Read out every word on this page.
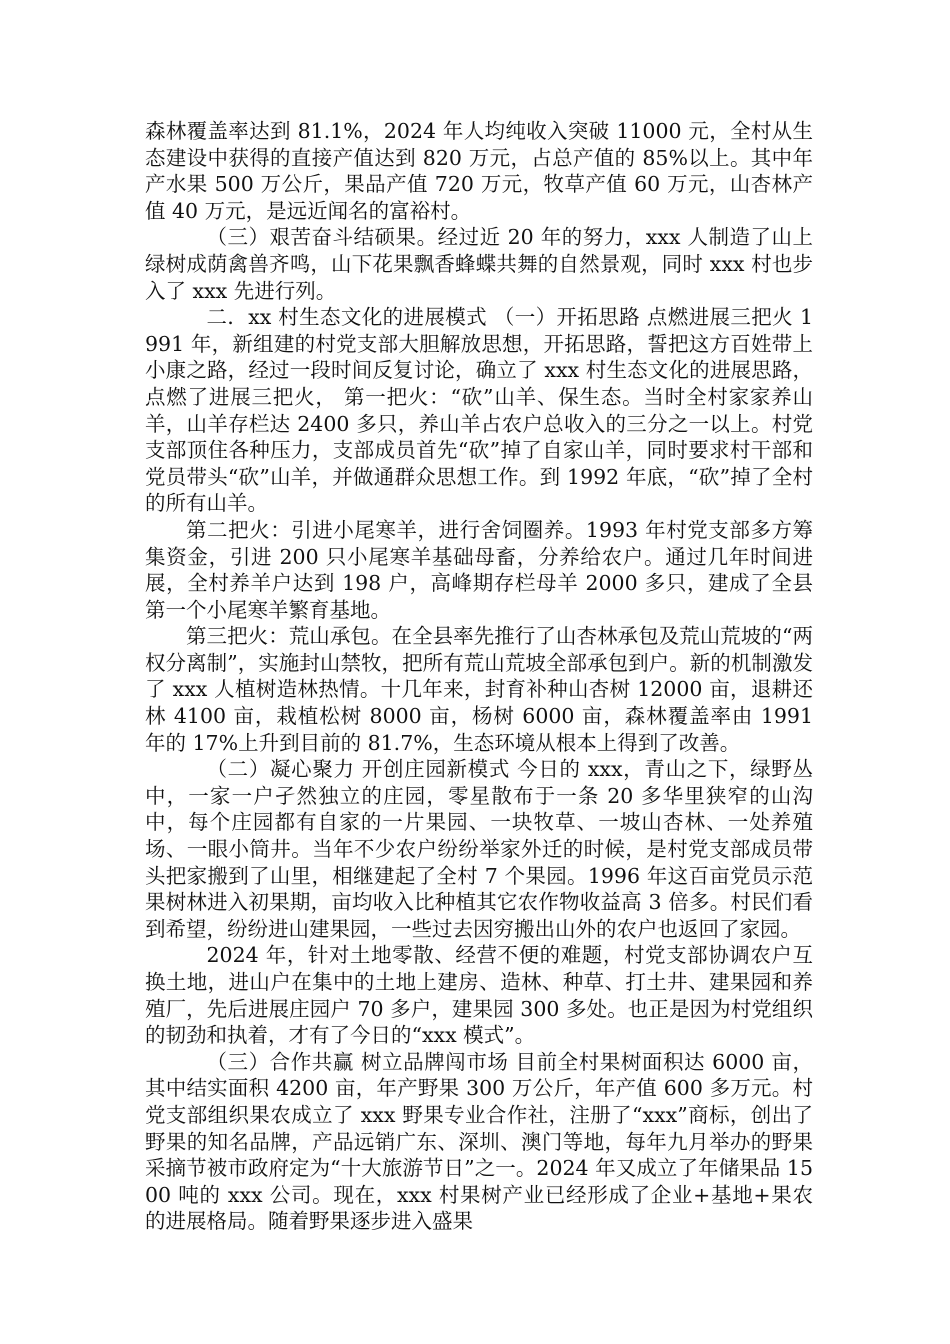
森林覆盖率达到 81.1%，2024 年人均纯收入突破 11000 元，全村从生态建设中获得的直接产值达到 820 万元，占总产值的 85%以上。其中年产水果 500 万公斤，果品产值 720 万元，牧草产值 60 万元，山杏林产值 40 万元，是远近闻名的富裕村。

（三）艰苦奋斗结硕果。经过近 20 年的努力，xxx 人制造了山上绿树成荫禽兽齐鸣，山下花果飘香蜂蝶共舞的自然景观，同时 xxx 村也步入了 xxx 先进行列。

二．xx 村生态文化的进展模式 （一）开拓思路 点燃进展三把火 1991 年，新组建的村党支部大胆解放思想，开拓思路，誓把这方百姓带上小康之路，经过一段时间反复讨论，确立了 xxx 村生态文化的进展思路，点燃了进展三把火， 第一把火：“砍”山羊、保生态。当时全村家家养山羊，山羊存栏达 2400 多只，养山羊占农户总收入的三分之一以上。村党支部顶住各种压力，支部成员首先“砍”掉了自家山羊，同时要求村干部和党员带头“砍”山羊，并做通群众思想工作。到 1992 年底，“砍”掉了全村的所有山羊。

第二把火：引进小尾寒羊，进行舍饲圈养。1993 年村党支部多方筹集资金，引进 200 只小尾寒羊基础母畜，分养给农户。通过几年时间进展，全村养羊户达到 198 户，高峰期存栏母羊 2000 多只，建成了全县第一个小尾寒羊繁育基地。

第三把火：荒山承包。在全县率先推行了山杏林承包及荒山荒坡的“两权分离制”，实施封山禁牧，把所有荒山荒坡全部承包到户。新的机制激发了 xxx 人植树造林热情。十几年来，封育补种山杏树 12000 亩，退耕还林 4100 亩，栽植松树 8000 亩，杨树 6000 亩，森林覆盖率由 1991 年的 17%上升到目前的 81.7%，生态环境从根本上得到了改善。

（二）凝心聚力 开创庄园新模式 今日的 xxx，青山之下，绿野丛中，一家一户孑然独立的庄园，零星散布于一条 20 多华里狭窄的山沟中，每个庄园都有自家的一片果园、一块牧草、一坡山杏林、一处养殖场、一眼小筒井。当年不少农户纷纷举家外迁的时候，是村党支部成员带头把家搬到了山里，相继建起了全村 7 个果园。1996 年这百亩党员示范果树林进入初果期，亩均收入比种植其它农作物收益高 3 倍多。村民们看到希望，纷纷进山建果园，一些过去因穷搬出山外的农户也返回了家园。

2024 年，针对土地零散、经营不便的难题，村党支部协调农户互换土地，进山户在集中的土地上建房、造林、种草、打土井、建果园和养殖厂，先后进展庄园户 70 多户，建果园 300 多处。也正是因为村党组织的韧劲和执着，才有了今日的“xxx 模式”。

（三）合作共赢 树立品牌闯市场 目前全村果树面积达 6000 亩，其中结实面积 4200 亩，年产野果 300 万公斤，年产值 600 多万元。村党支部组织果农成立了 xxx 野果专业合作社，注册了“xxx”商标，创出了野果的知名品牌，产品远销广东、深圳、澳门等地，每年九月举办的野果采摘节被市政府定为“十大旅游节日”之一。2024 年又成立了年储果品 1500 吨的 xxx 公司。现在，xxx 村果树产业已经形成了企业+基地+果农的进展格局。随着野果逐步进入盛果
